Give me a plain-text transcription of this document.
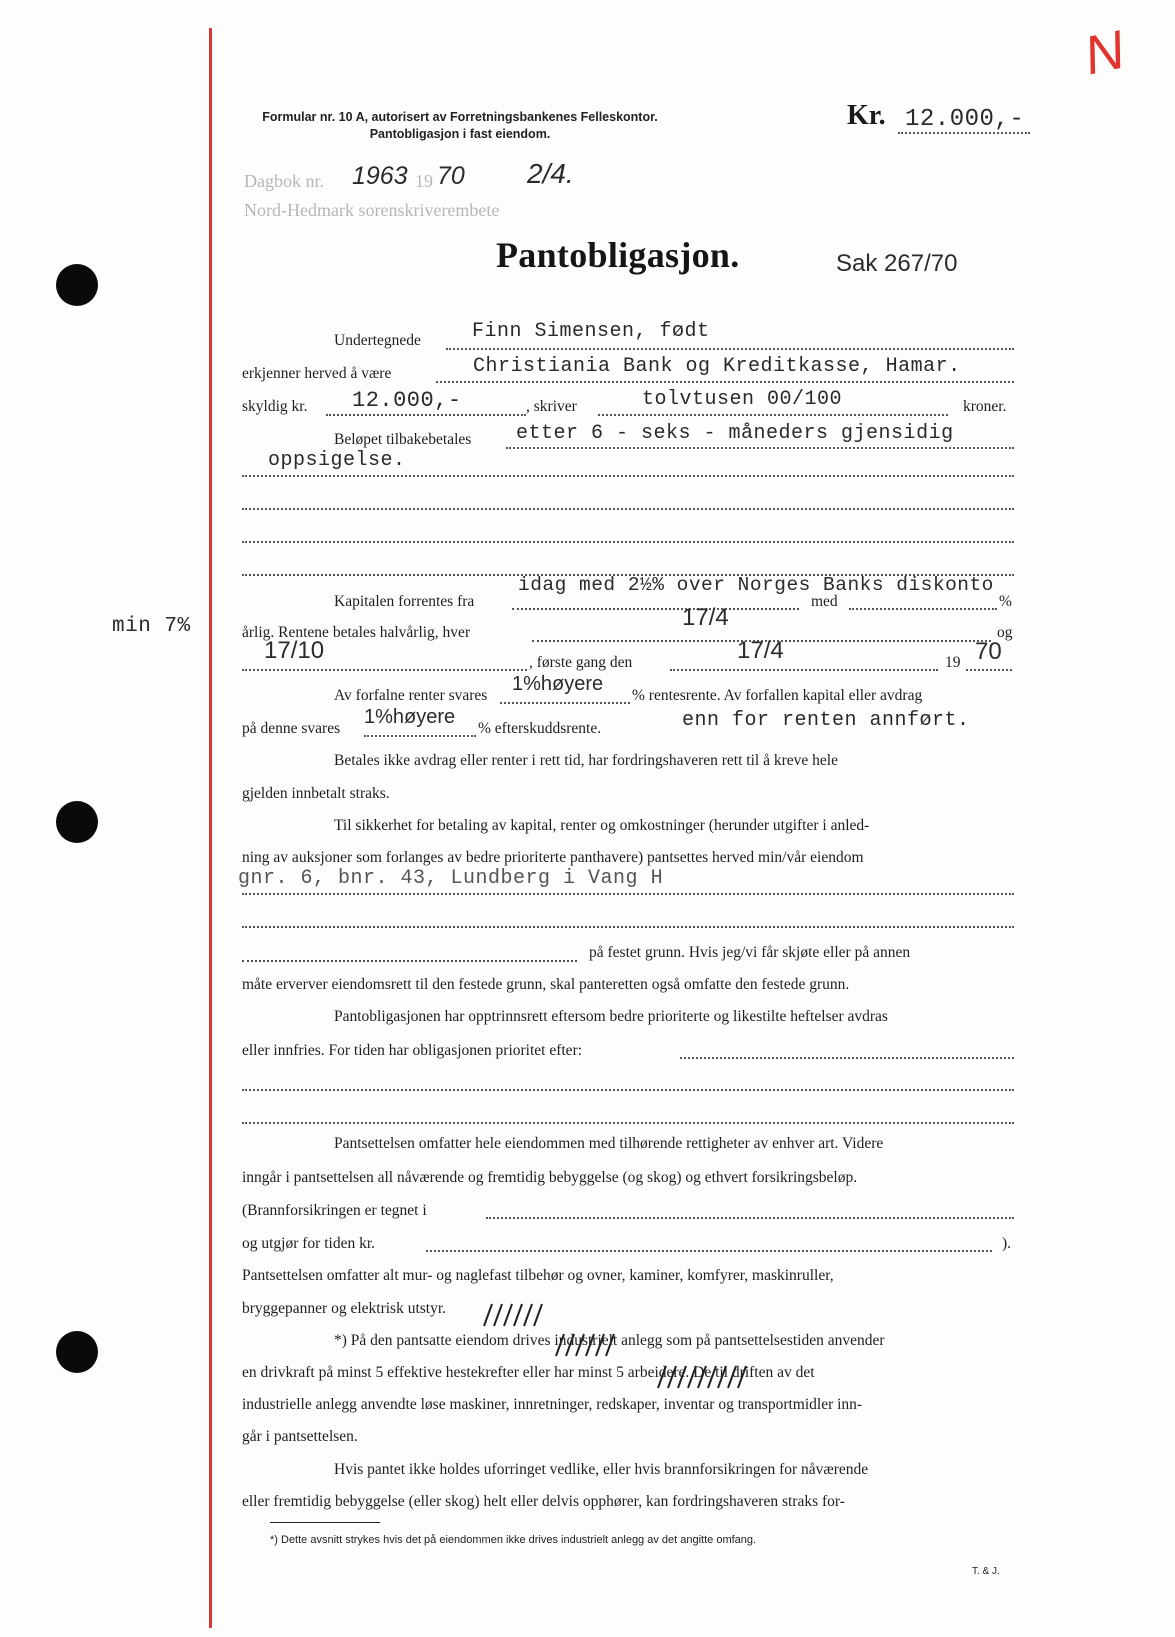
Formular nr. 10 A, autorisert av Forretningsbankenes Felleskontor.
Pantobligasjon i fast eiendom.
Kr. 12.000,-
N
Dagbok nr. 1963 19 70 2/4.
Nord-Hedmark sorenskriverembete
Pantobligasjon.	Sak 267/70
min 7%
Undertegnede	Finn Simensen, født
erkjenner herved å være	Christiania Bank og Kreditkasse, Hamar.
skyldig kr. 12.000,-	, skriver	tolvtusen 00/100	kroner.
Beløpet tilbakebetales etter 6 - seks - måneders gjensidig
oppsigelse.
Kapitalen forrentes fra
idag med 2½% over Norges Banks diskonto
med	%
årlig. Rentene betales halvårlig, hver
17/4
og
17/10	, første gang den	17/4	19 70
Av forfalne renter svares
1%høyere
% rentesrente. Av forfallen kapital eller avdrag
på denne svares
1%høyere
% efterskuddsrente.	enn for renten annført.
Betales ikke avdrag eller renter i rett tid, har fordringshaveren rett til å kreve hele
gjelden innbetalt straks.
Til sikkerhet for betaling av kapital, renter og omkostninger (herunder utgifter i anled-
ning av auksjoner som forlanges av bedre prioriterte panthavere) pantsettes herved min/vår eiendom
gnr. 6, bnr. 43, Lundberg i Vang H
på festet grunn. Hvis jeg/vi får skjøte eller på annen
måte erverver eiendomsrett til den festede grunn, skal panteretten også omfatte den festede grunn.
Pantobligasjonen har opptrinnsrett eftersom bedre prioriterte og likestilte heftelser avdras
eller innfries. For tiden har obligasjonen prioritet efter:
Pantsettelsen omfatter hele eiendommen med tilhørende rettigheter av enhver art. Videre
inngår i pantsettelsen all nåværende og fremtidig bebyggelse (og skog) og ethvert forsikringsbeløp.
(Brannforsikringen er tegnet i
og utgjør for tiden kr.	).
Pantsettelsen omfatter alt mur- og naglefast tilbehør og ovner, kaminer, komfyrer, maskinruller,
bryggepanner og elektrisk utstyr.
*) På den pantsatte eiendom drives industrielt anlegg som på pantsettelsestiden anvender
en drivkraft på minst 5 effektive hestekrefter eller har minst 5 arbeidere. De til driften av det
industrielle anlegg anvendte løse maskiner, innretninger, redskaper, inventar og transportmidler inn-
går i pantsettelsen.
Hvis pantet ikke holdes uforringet vedlike, eller hvis brannforsikringen for nåværende
eller fremtidig bebyggelse (eller skog) helt eller delvis opphører, kan fordringshaveren straks for-
*) Dette avsnitt strykes hvis det på eiendommen ikke drives industrielt anlegg av det angitte omfang.
T. & J.
